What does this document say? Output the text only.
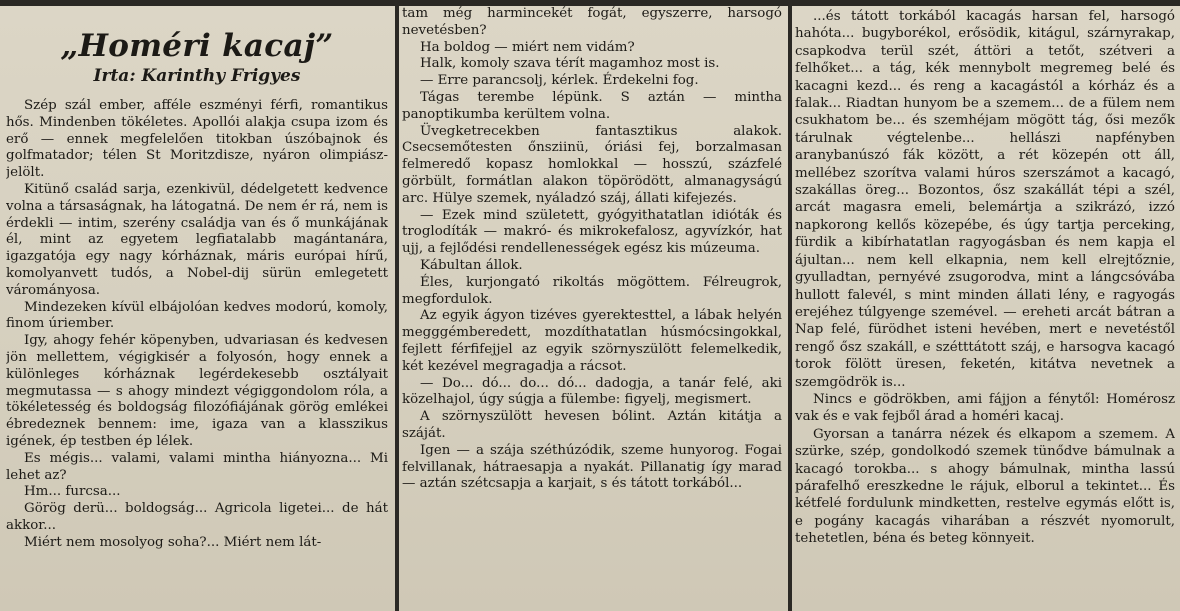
„Homéri kacaj”
Irta: Karinthy Frigyes

Szép szál ember, afféle eszményi férfi, romantikus hős. Mindenben tökéletes. Apollói alakja csupa izom és erő — ennek megfelelően titokban úszóbajnok és golfmatador; télen St Moritzdisze, nyáron olimpiász-jelölt.

Kitünő család sarja, ezenkivül, dédelgetett kedvence volna a társaságnak, ha látogatná. De nem ér rá, nem is érdekli — intim, szerény családja van és ő munkájának él, mint az egyetem legfiatalabb magántanára, igazgatója egy nagy kórháznak, máris európai hírű, komolyanvett tudós, a Nobel-dij sürün emlegetett várományosa.

Mindezeken kívül elbájolóan kedves modorú, komoly, finom úriember.

Igy, ahogy fehér köpenyben, udvariasan és kedvesen jön mellettem, végigkisér a folyosón, hogy ennek a különleges kórháznak legérdekesebb osztályait megmutassa — s ahogy mindezt végiggondolom róla, a tökéletesség és boldogság filozófiájának görög emlékei ébredeznek bennem: ime, igaza van a klasszikus igének, ép testben ép lélek.

Es mégis... valami, valami mintha hiányozna... Mi lehet az?

Hm... furcsa...

Görög derü... boldogság... Agricola ligetei... de hát akkor...

Miért nem mosolyog soha?... Miért nem lát-

tam még harmincekét fogát, egyszerre, harsogó nevetésben?

Ha boldog — miért nem vidám?

Halk, komoly szava térít magamhoz most is.

— Erre parancsolj, kérlek. Érdekelni fog.

Tágas terembe lépünk. S aztán — mintha panoptikumba kerültem volna.

Üvegketrecekben fantasztikus alakok. Csecsemőtesten őnsziinü, óriási fej, borzalmasan felmeredő kopasz homlokkal — hosszú, százfelé görbült, formátlan alakon töpörödött, almanagyságú arc. Hülye szemek, nyáladzó száj, állati kifejezés.

— Ezek mind született, gyógyithatatlan idióták és troglodíták — makró- és mikrokefalosz, agyvízkór, hat ujj, a fejlődési rendellenességek egész kis múzeuma.

Kábultan állok.

Éles, kurjongató rikoltás mögöttem. Félreugrok, megfordulok.

Az egyik ágyon tizéves gyerektesttel, a lábak helyén megggémberedett, mozdíthatatlan húsmócsingokkal, fejlett férfifejjel az egyik szörnyszülött felemelkedik, két kezével megragadja a rácsot.

— Do... dó... do... dó... dadogja, a tanár felé, aki közelhajol, úgy súgja a fülembe: figyelj, megismert.

A szörnyszülött hevesen bólint. Aztán kitátja a száját.

Igen — a szája széthúzódik, szeme hunyorog. Fogai felvillanak, hátraesapja a nyakát. Pillanatig így marad — aztán szétcsapja a karjait, s és tátott torkából...

...és tátott torkából kacagás harsan fel, harsogó hahóta... bugyborékol, erősödik, kitágul, szárnyrakap, csapkodva terül szét, áttöri a tetőt, szétveri a felhőket... a tág, kék mennybolt megremeg belé és kacagni kezd... és reng a kacagástól a kórház és a falak... Riadtan hunyom be a szemem... de a fülem nem csukhatom be... és szemhéjam mögött tág, ősi mezők tárulnak végtelenbe... hellászi napfényben aranybanúszó fák között, a rét közepén ott áll, mellébez szorítva valami húros szerszámot a kacagó, szakállas öreg... Bozontos, ősz szakállát tépi a szél, arcát magasra emeli, belemártja a szikrázó, izzó napkorong kellős közepébe, és úgy tartja perceking, fürdik a kibírhatatlan ragyogásban és nem kapja el ájultan... nem kell elkapnia, nem kell elrejtőznie, gyulladtan, pernyévé zsugorodva, mint a lángcsóvába hullott falevél, s mint minden állati lény, e ragyogás erejéhez túlgyenge szemével. — ereheti arcát bátran a Nap felé, fürödhet isteni hevében, mert e nevetéstől rengő ősz szakáll, e szétttátott száj, e harsogva kacagó torok fölött üresen, feketén, kitátva nevetnek a szemgödrök is...

Nincs e gödrökben, ami fájjon a fénytől: Homérosz vak és e vak fejből árad a homéri kacaj.

Gyorsan a tanárra nézek és elkapom a szemem. A szürke, szép, gondolkodó szemek tünődve bámulnak a kacagó torokba... s ahogy bámulnak, mintha lassú párafelhő ereszkedne le rájuk, elborul a tekintet... És kétfelé fordulunk mindketten, restelve egymás előtt is, e pogány kacagás viharában a részvét nyomorult, tehetetlen, béna és beteg könnyeit.
